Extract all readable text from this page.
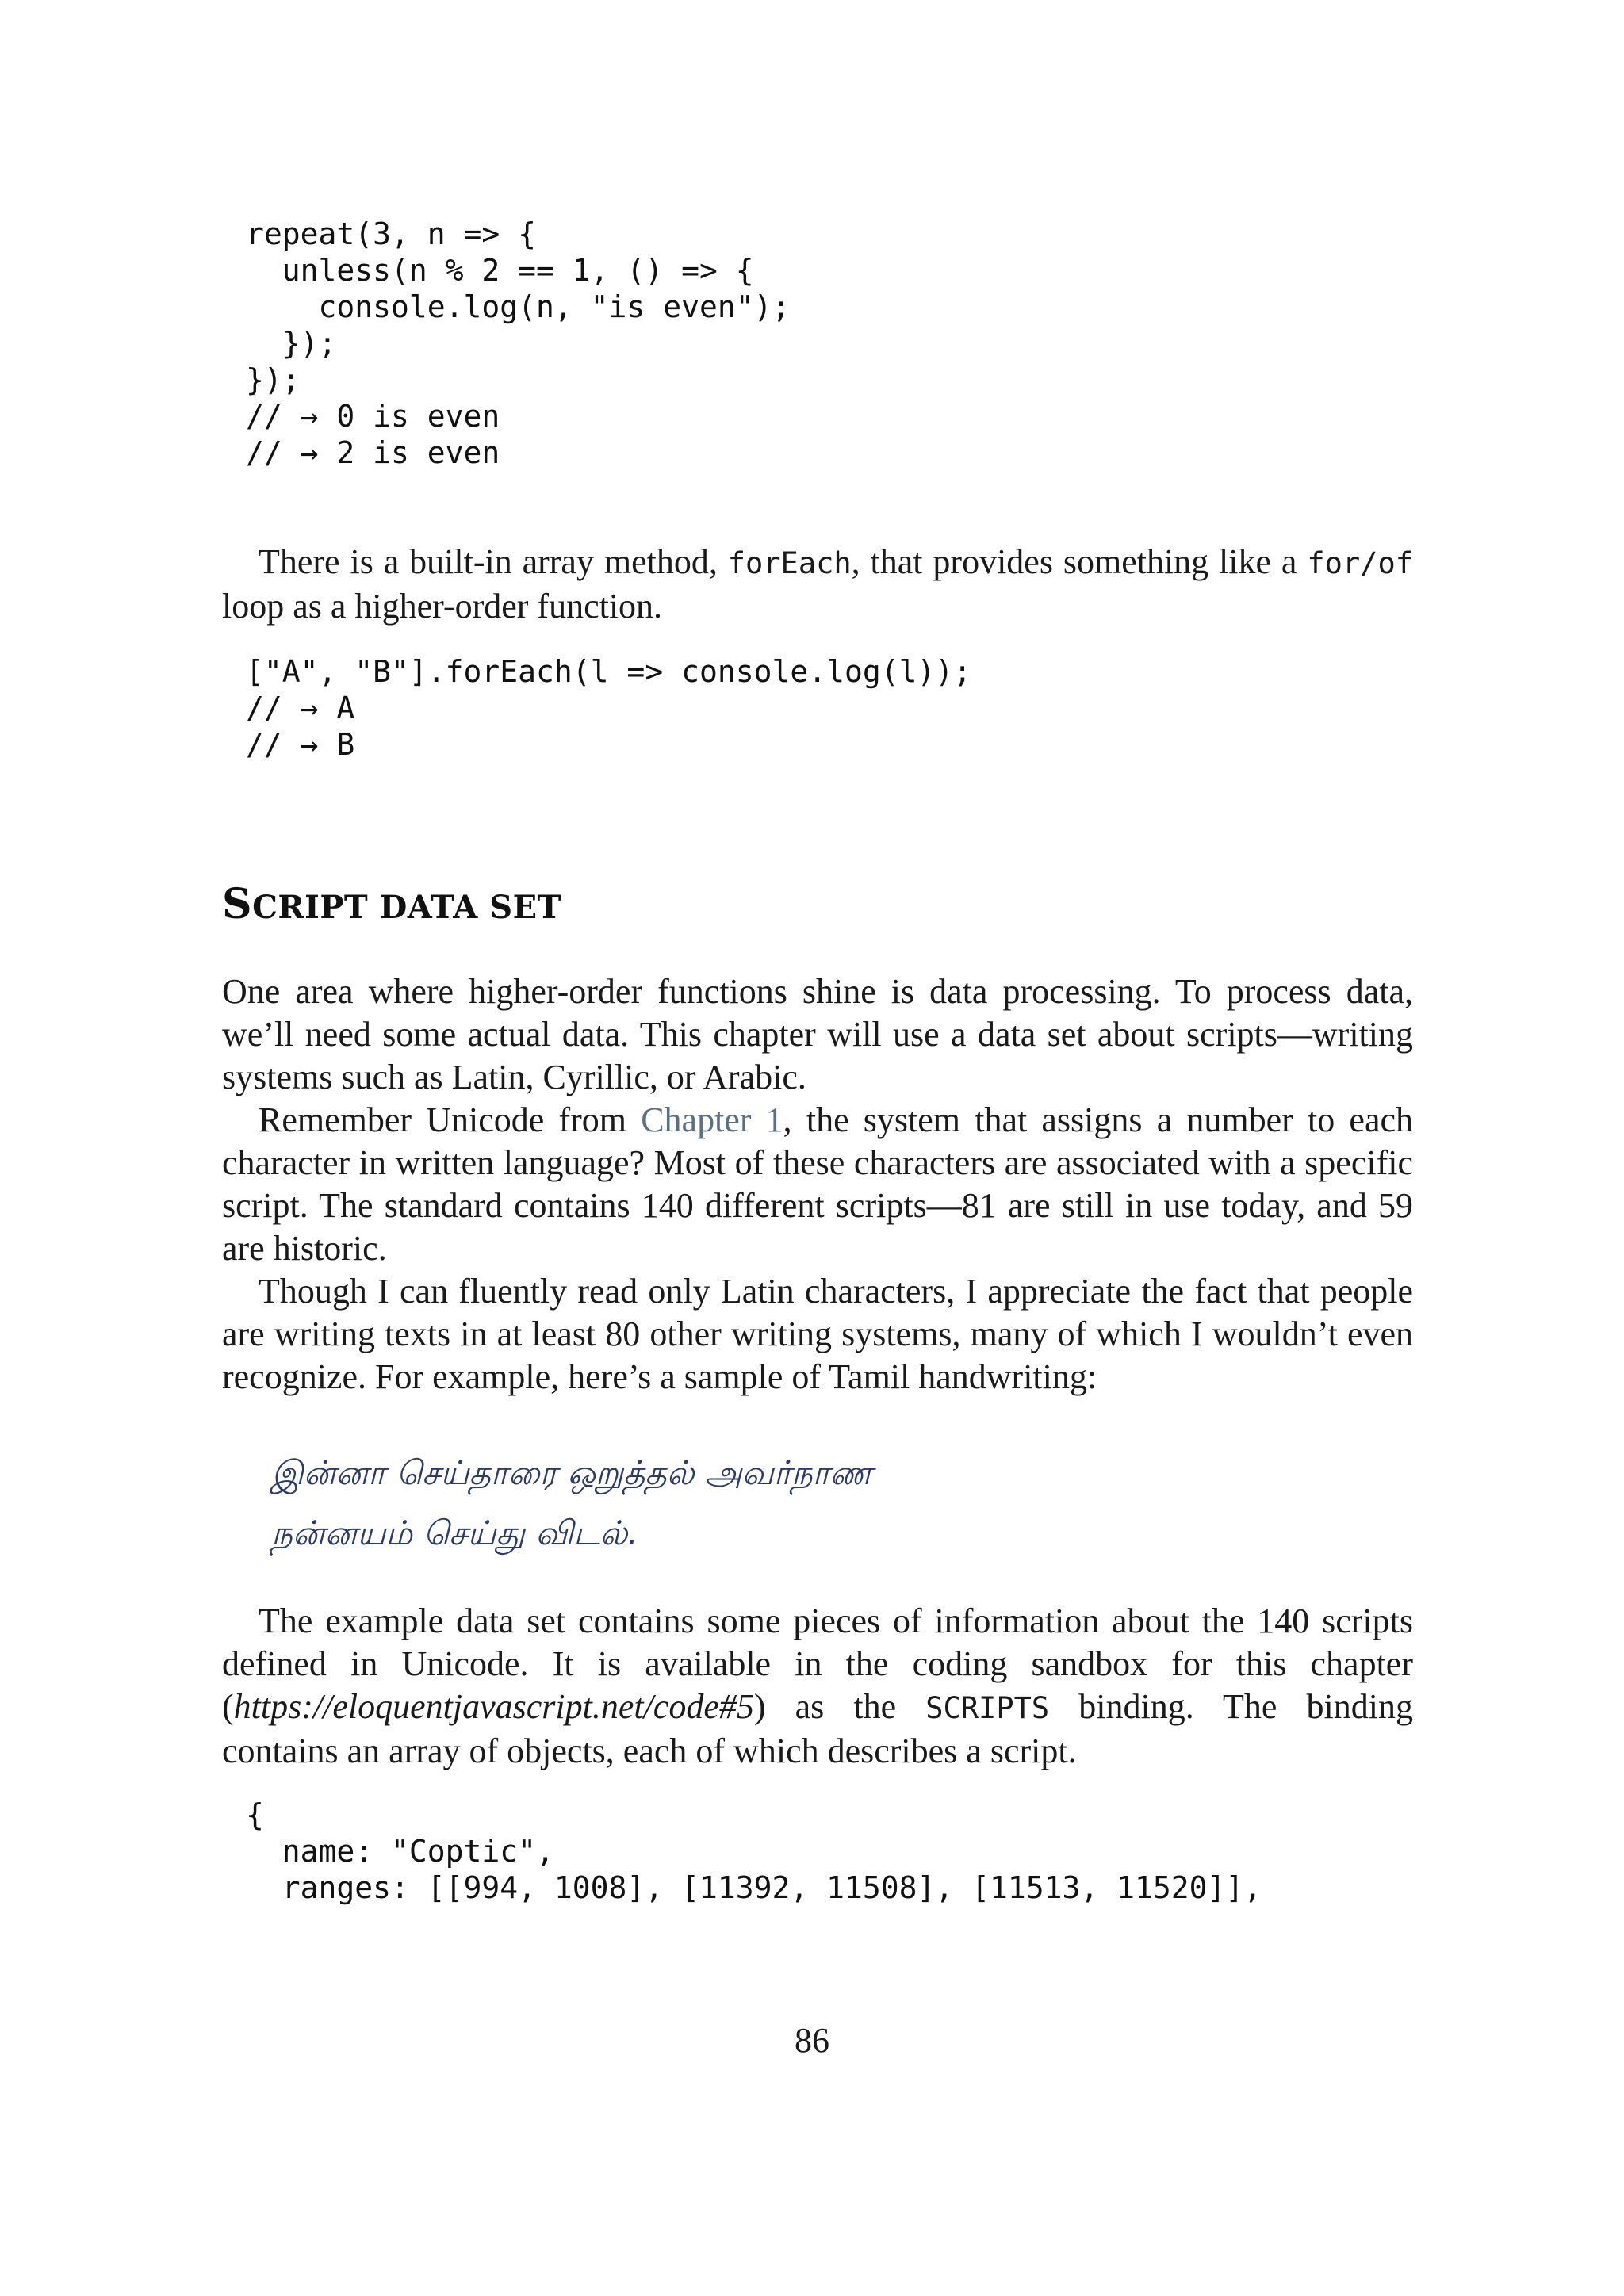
repeat(3, n => {
unless(n % 2 == 1, () => {
console.log(n, "is even");
});
});
// → 0 is even
// → 2 is even

There is a built-in array method, forEach, that provides something like a for/of loop as a higher-order function.

["A", "B"].forEach(l => console.log(l));
// → A
// → B
SCRIPT DATA SET

One area where higher-order functions shine is data processing. To process data, we’ll need some actual data. This chapter will use a data set about scripts—writing systems such as Latin, Cyrillic, or Arabic.

Remember Unicode from Chapter 1, the system that assigns a number to each character in written language? Most of these characters are associated with a specific script. The standard contains 140 different scripts—81 are still in use today, and 59 are historic.

Though I can fluently read only Latin characters, I appreciate the fact that people are writing texts in at least 80 other writing systems, many of which I wouldn’t even recognize. For example, here’s a sample of Tamil handwriting:

இன்னா செய்தாரை ஒறுத்தல் அவர்நாண
நன்னயம் செய்து விடல்.

The example data set contains some pieces of information about the 140 scripts defined in Unicode. It is available in the coding sandbox for this chapter (https://eloquentjavascript.net/code#5) as the SCRIPTS binding. The binding contains an array of objects, each of which describes a script.

{
name: "Coptic",
ranges: [[994, 1008], [11392, 11508], [11513, 11520]],
86
